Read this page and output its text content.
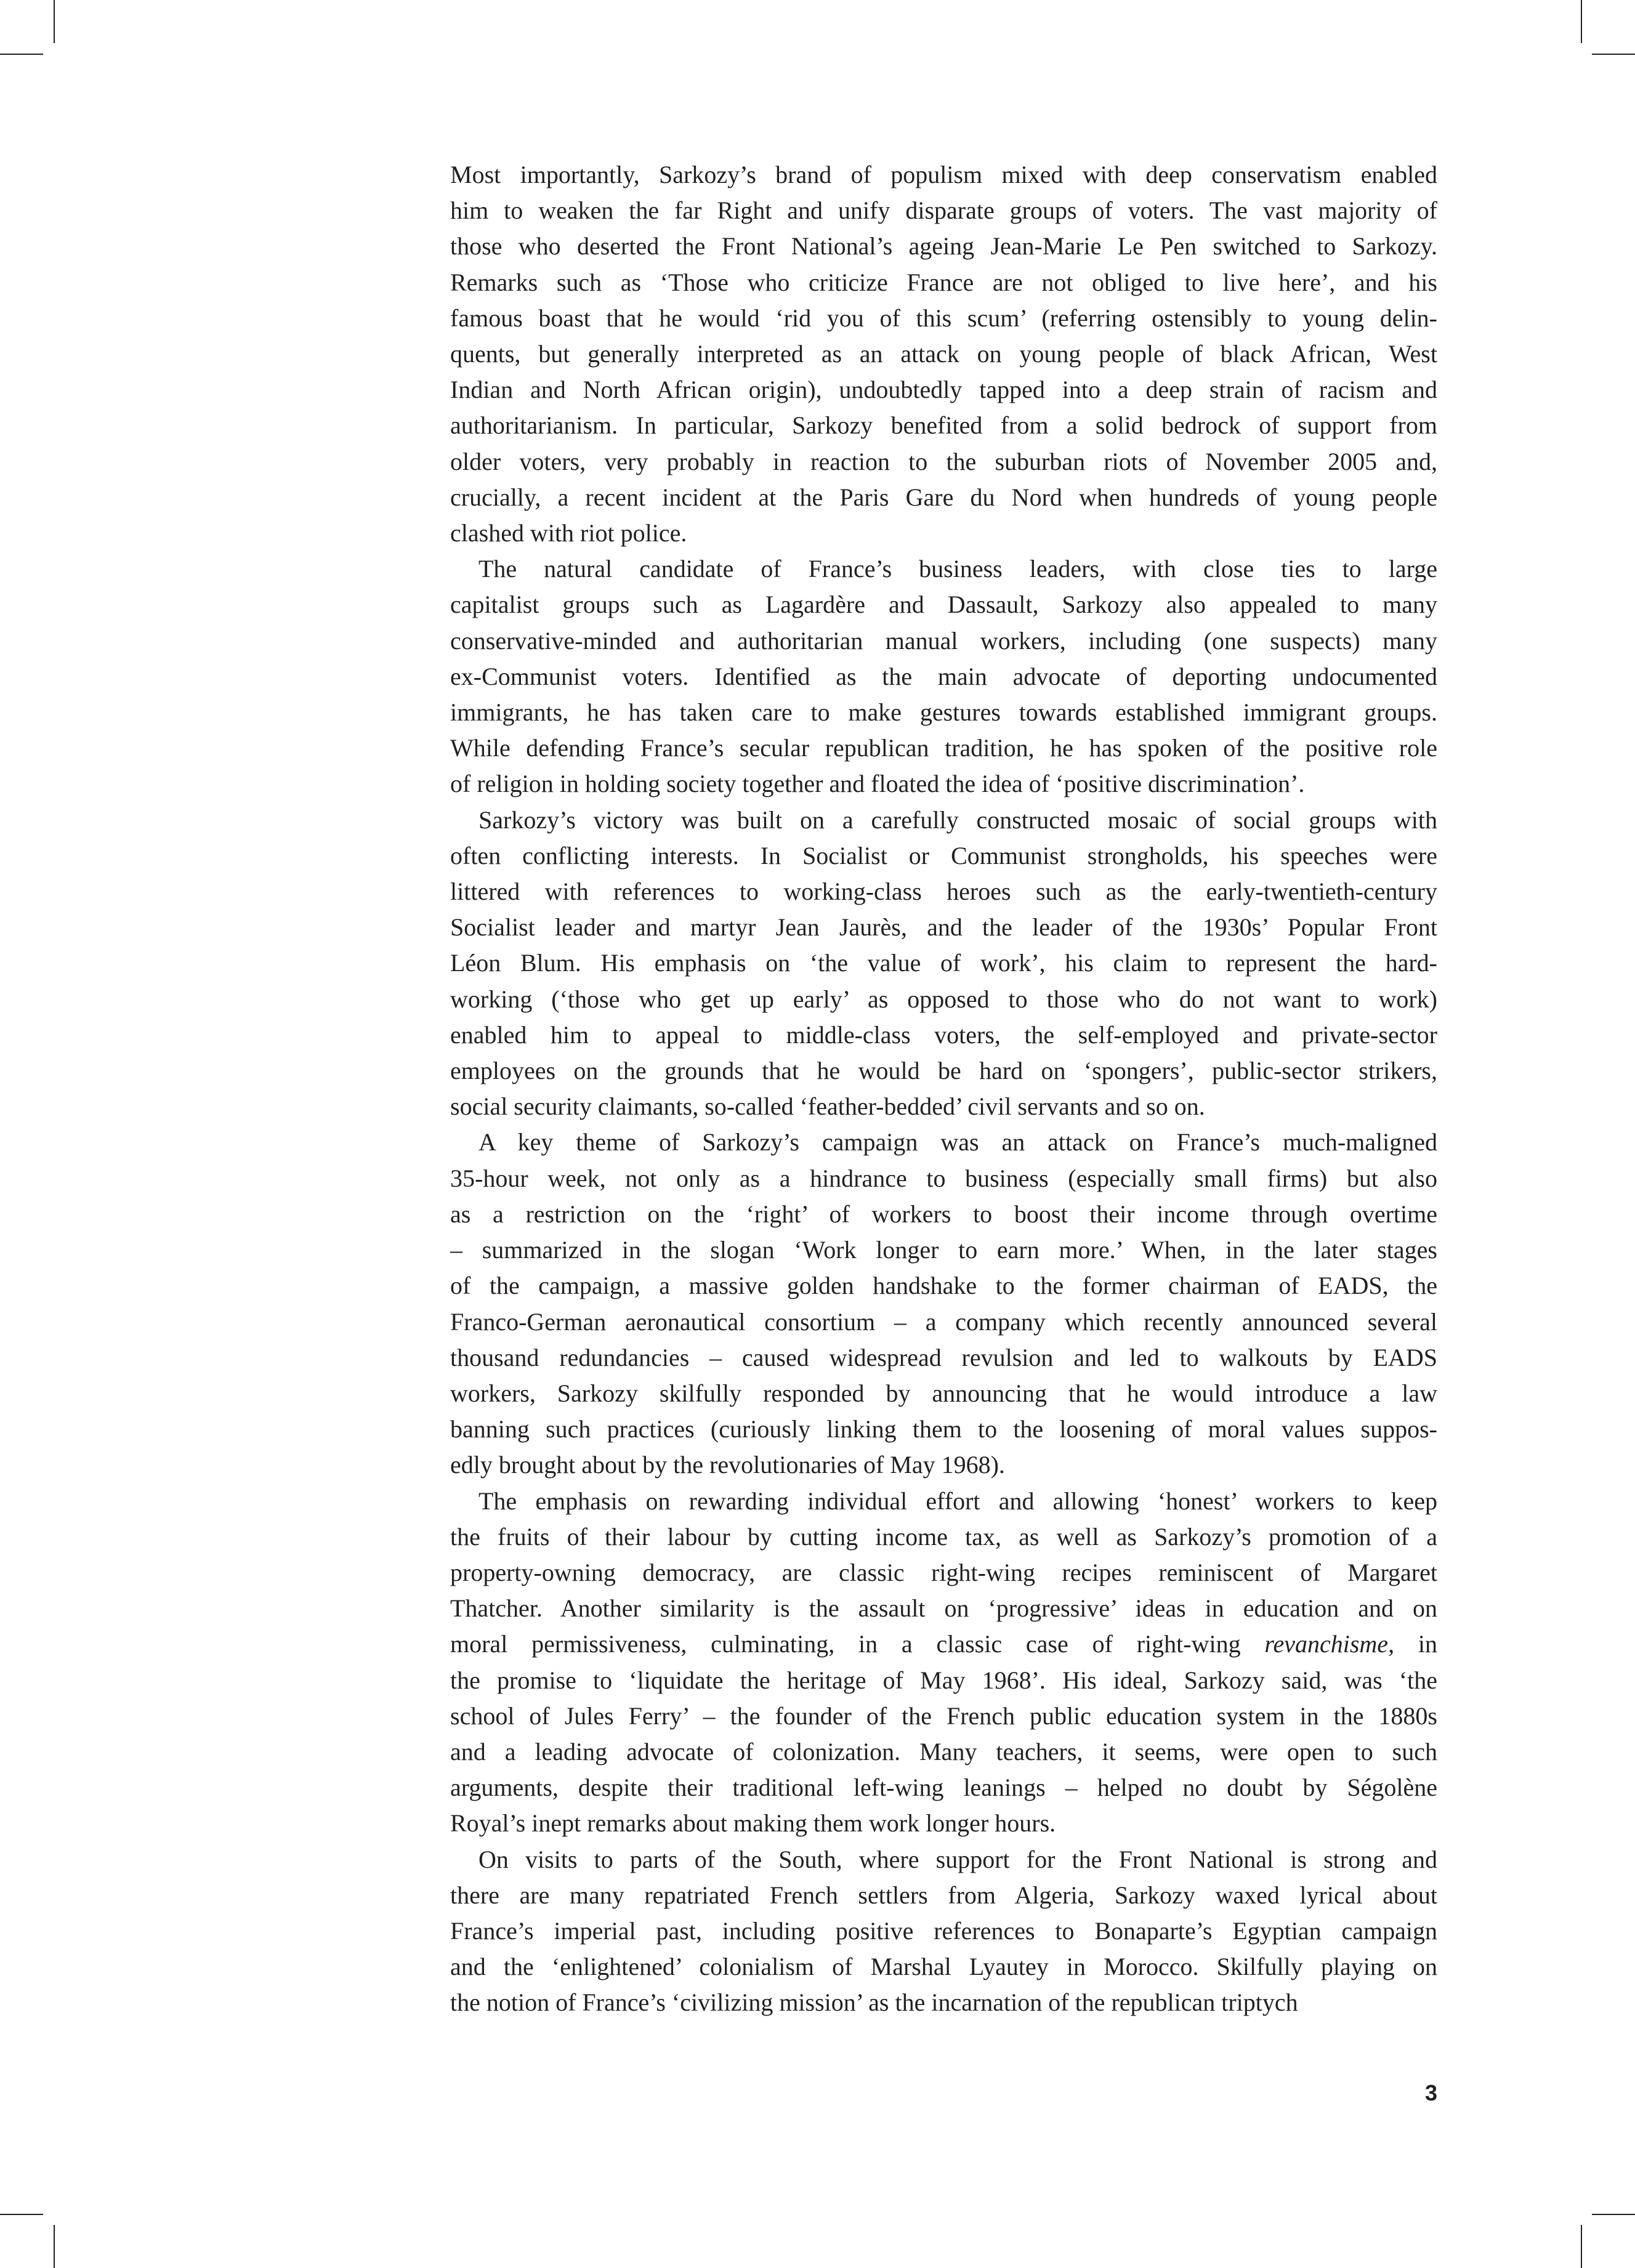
Most importantly, Sarkozy’s brand of populism mixed with deep conservatism enabled
him to weaken the far Right and unify disparate groups of voters. The vast majority of
those who deserted the Front National’s ageing Jean-Marie Le Pen switched to Sarkozy.
Remarks such as ‘Those who criticize France are not obliged to live here’, and his
famous boast that he would ‘rid you of this scum’ (referring ostensibly to young delin-
quents, but generally interpreted as an attack on young people of black African, West
Indian and North African origin), undoubtedly tapped into a deep strain of racism and
authoritarianism. In particular, Sarkozy benefited from a solid bedrock of support from
older voters, very probably in reaction to the suburban riots of November 2005 and,
crucially, a recent incident at the Paris Gare du Nord when hundreds of young people
clashed with riot police.
The natural candidate of France’s business leaders, with close ties to large
capitalist groups such as Lagardère and Dassault, Sarkozy also appealed to many
conservative-minded and authoritarian manual workers, including (one suspects) many
ex-Communist voters. Identified as the main advocate of deporting undocumented
immigrants, he has taken care to make gestures towards established immigrant groups.
While defending France’s secular republican tradition, he has spoken of the positive role
of religion in holding society together and floated the idea of ‘positive discrimination’.
Sarkozy’s victory was built on a carefully constructed mosaic of social groups with
often conflicting interests. In Socialist or Communist strongholds, his speeches were
littered with references to working-class heroes such as the early-twentieth-century
Socialist leader and martyr Jean Jaurès, and the leader of the 1930s’ Popular Front
Léon Blum. His emphasis on ‘the value of work’, his claim to represent the hard-
working (‘those who get up early’ as opposed to those who do not want to work)
enabled him to appeal to middle-class voters, the self-employed and private-sector
employees on the grounds that he would be hard on ‘spongers’, public-sector strikers,
social security claimants, so-called ‘feather-bedded’ civil servants and so on.
A key theme of Sarkozy’s campaign was an attack on France’s much-maligned
35-hour week, not only as a hindrance to business (especially small firms) but also
as a restriction on the ‘right’ of workers to boost their income through overtime
– summarized in the slogan ‘Work longer to earn more.’ When, in the later stages
of the campaign, a massive golden handshake to the former chairman of EADS, the
Franco-German aeronautical consortium – a company which recently announced several
thousand redundancies – caused widespread revulsion and led to walkouts by EADS
workers, Sarkozy skilfully responded by announcing that he would introduce a law
banning such practices (curiously linking them to the loosening of moral values suppos-
edly brought about by the revolutionaries of May 1968).
The emphasis on rewarding individual effort and allowing ‘honest’ workers to keep
the fruits of their labour by cutting income tax, as well as Sarkozy’s promotion of a
property-owning democracy, are classic right-wing recipes reminiscent of Margaret
Thatcher. Another similarity is the assault on ‘progressive’ ideas in education and on
moral permissiveness, culminating, in a classic case of right-wing revanchisme, in
the promise to ‘liquidate the heritage of May 1968’. His ideal, Sarkozy said, was ‘the
school of Jules Ferry’ – the founder of the French public education system in the 1880s
and a leading advocate of colonization. Many teachers, it seems, were open to such
arguments, despite their traditional left-wing leanings – helped no doubt by Ségolène
Royal’s inept remarks about making them work longer hours.
On visits to parts of the South, where support for the Front National is strong and
there are many repatriated French settlers from Algeria, Sarkozy waxed lyrical about
France’s imperial past, including positive references to Bonaparte’s Egyptian campaign
and the ‘enlightened’ colonialism of Marshal Lyautey in Morocco. Skilfully playing on
the notion of France’s ‘civilizing mission’ as the incarnation of the republican triptych
3
